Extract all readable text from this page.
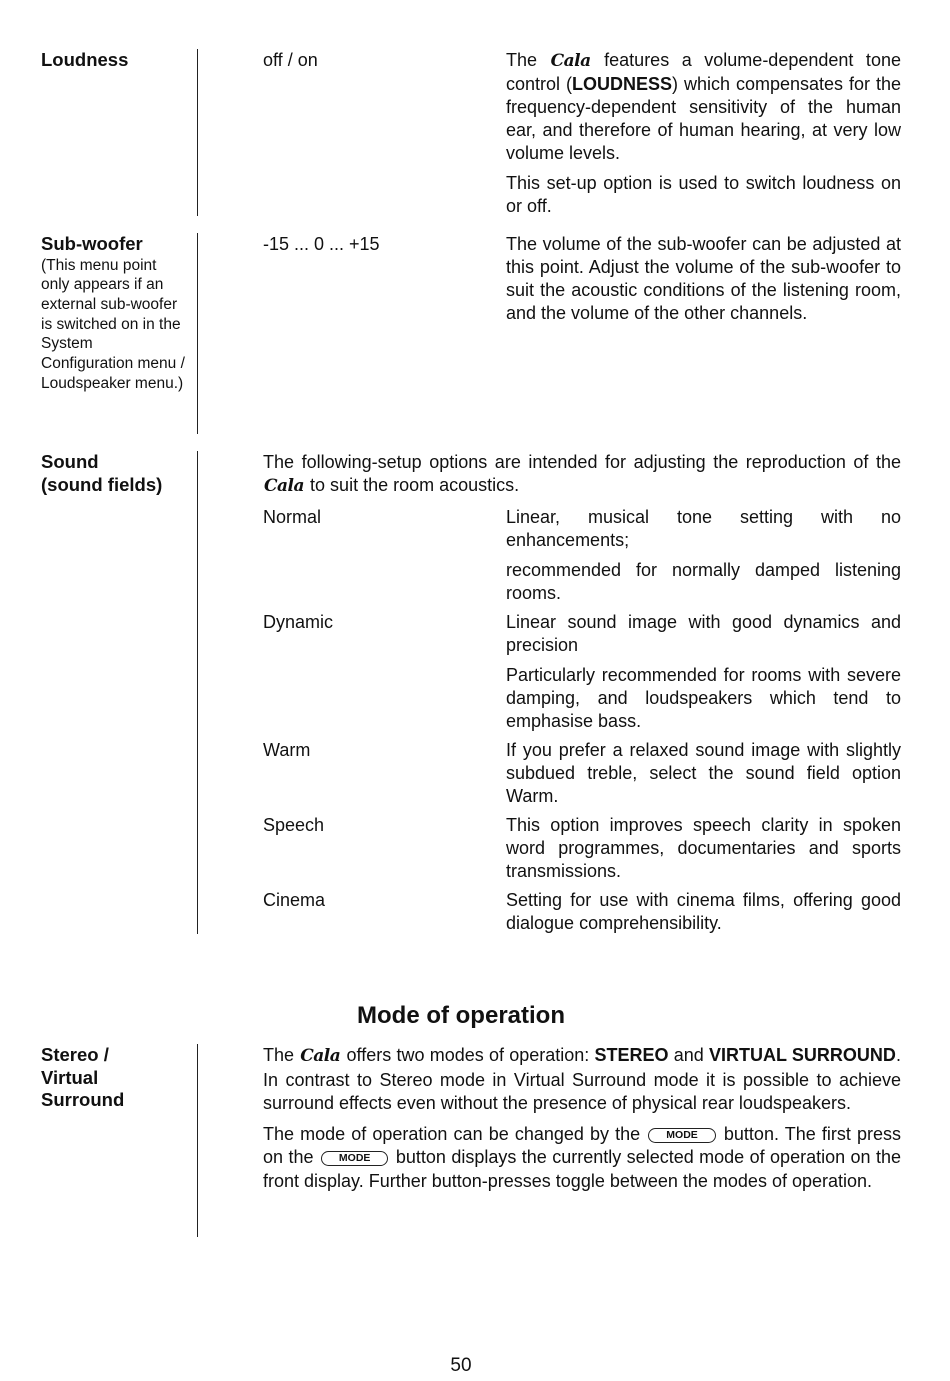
Loudness	off / on	The Cala features a volume-dependent tone control (LOUDNESS) which compensates for the frequency-dependent sensitivity of the human ear, and therefore of human hearing, at very low volume levels.

This set-up option is used to switch loudness on or off.

Sub-woofer
(This menu point only appears if an external sub-woofer is switched on in the System Configuration menu / Loudspeaker menu.)
-15 ... 0 ... +15	The volume of the sub-woofer can be adjusted at this point. Adjust the volume of the sub-woofer to suit the acoustic conditions of the listening room, and the volume of the other channels.

Sound
(sound fields)

The following-setup options are intended for adjusting the reproduction of the Cala to suit the room acoustics.

Normal	Linear, musical tone setting with no enhancements;

recommended for normally damped listening rooms.

Dynamic	Linear sound image with good dynamics and precision

Particularly recommended for rooms with severe damping, and loudspeakers which tend to emphasise bass.

Warm	If you prefer a relaxed sound image with slightly subdued treble, select the sound field option Warm.

Speech	This option improves speech clarity in spoken word programmes, documentaries and sports transmissions.

Cinema	Setting for use with cinema films, offering good dialogue comprehensibility.

Mode of operation
Stereo /
Virtual
Surround

The Cala offers two modes of operation: STEREO and VIRTUAL SURROUND. In contrast to Stereo mode in Virtual Surround mode it is possible to achieve surround effects even without the presence of physical rear loudspeakers.

The mode of operation can be changed by the MODE button. The first press on the MODE button displays the currently selected mode of operation on the front display. Further button-presses toggle between the modes of operation.

50
